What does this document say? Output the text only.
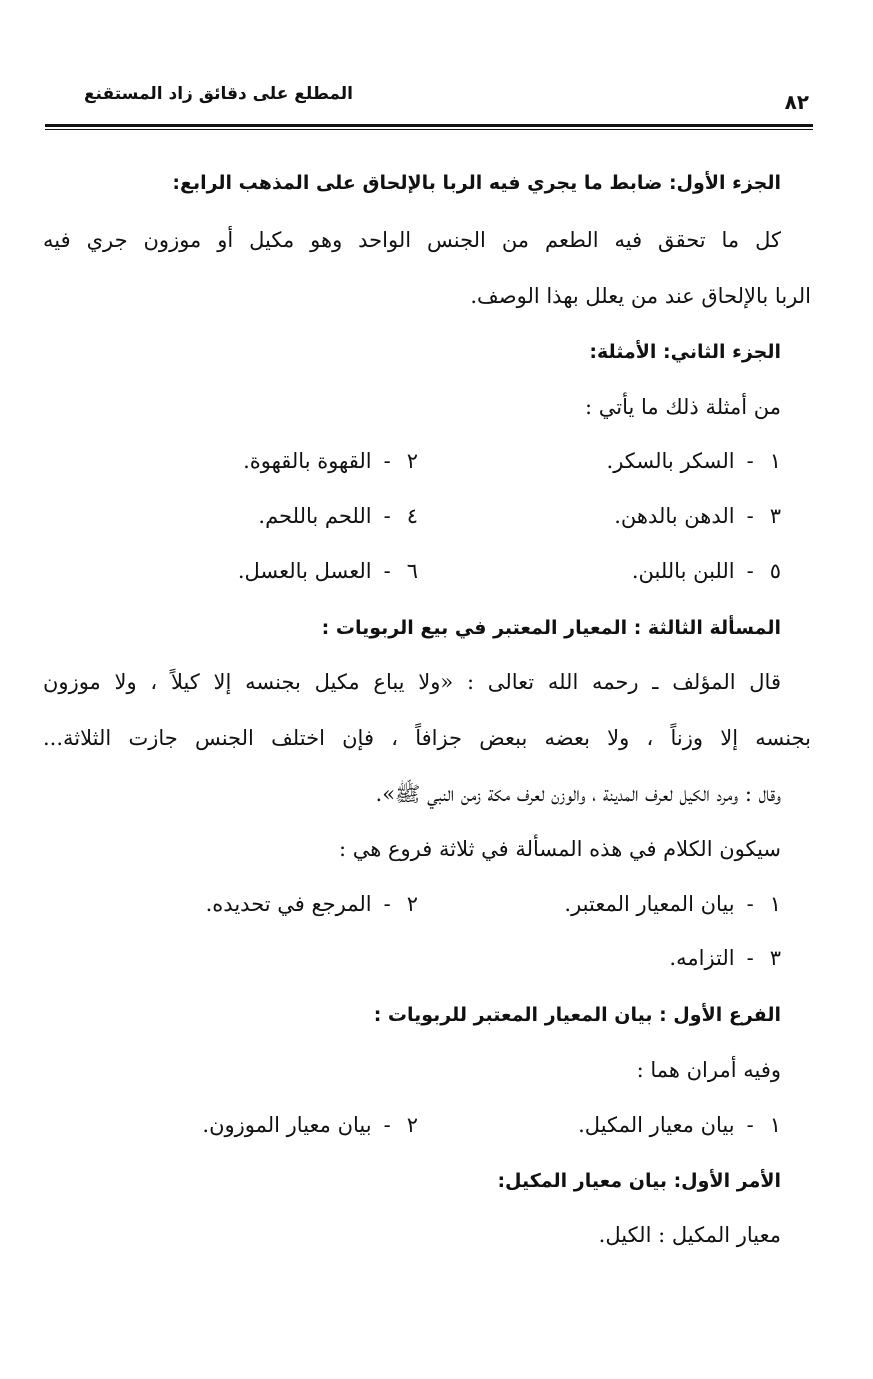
المطلع على دقائق زاد المستقنع	٨٢
الجزء الأول: ضابط ما يجري فيه الربا بالإلحاق على المذهب الرابع:
كل ما تحقق فيه الطعم من الجنس الواحد وهو مكيل أو موزون جري فيه
الربا بالإلحاق عند من يعلل بهذا الوصف.
الجزء الثاني: الأمثلة:
من أمثلة ذلك ما يأتي :
١-السكر بالسكر.
٢-القهوة بالقهوة.
٣-الدهن بالدهن.
٤-اللحم باللحم.
٥-اللبن باللبن.
٦-العسل بالعسل.
المسألة الثالثة : المعيار المعتبر في بيع الربويات :
قال المؤلف ـ رحمه الله تعالى : «ولا يباع مكيل بجنسه إلا كيلاً ، ولا موزون
بجنسه إلا وزناً ، ولا بعضه ببعض جزافاً ، فإن اختلف الجنس جازت الثلاثة...
وقال : ومرد الكيل لعرف المدينة ، والوزن لعرف مكة زمن النبي ﷺ».
سيكون الكلام في هذه المسألة في ثلاثة فروع هي :
١-بيان المعيار المعتبر.
٢-المرجع في تحديده.
٣-التزامه.
الفرع الأول : بيان المعيار المعتبر للربويات :
وفيه أمران هما :
١-بيان معيار المكيل.
٢-بيان معيار الموزون.
الأمر الأول: بيان معيار المكيل:
معيار المكيل : الكيل.
